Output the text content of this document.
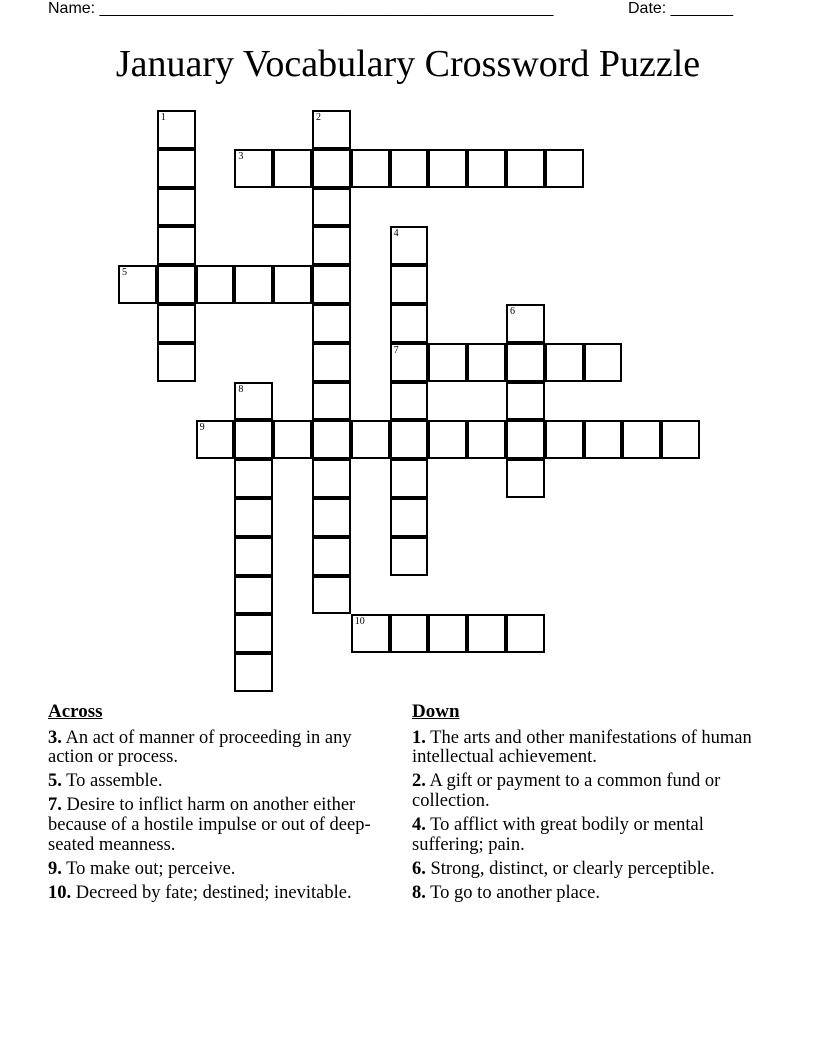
Name: ___________________________________________________	Date: _______
January Vocabulary Crossword Puzzle
1	2
3
4
7
5
6
8
9
10
Across
3. An act of manner of proceeding in any action or process.
5. To assemble.
7. Desire to inflict harm on another either because of a hostile impulse or out of deep-seated meanness.
9. To make out; perceive.
10. Decreed by fate; destined; inevitable.
Down
1. The arts and other manifestations of human intellectual achievement.
2. A gift or payment to a common fund or collection.
4. To afflict with great bodily or mental suffering; pain.
6. Strong, distinct, or clearly perceptible.
8. To go to another place.
